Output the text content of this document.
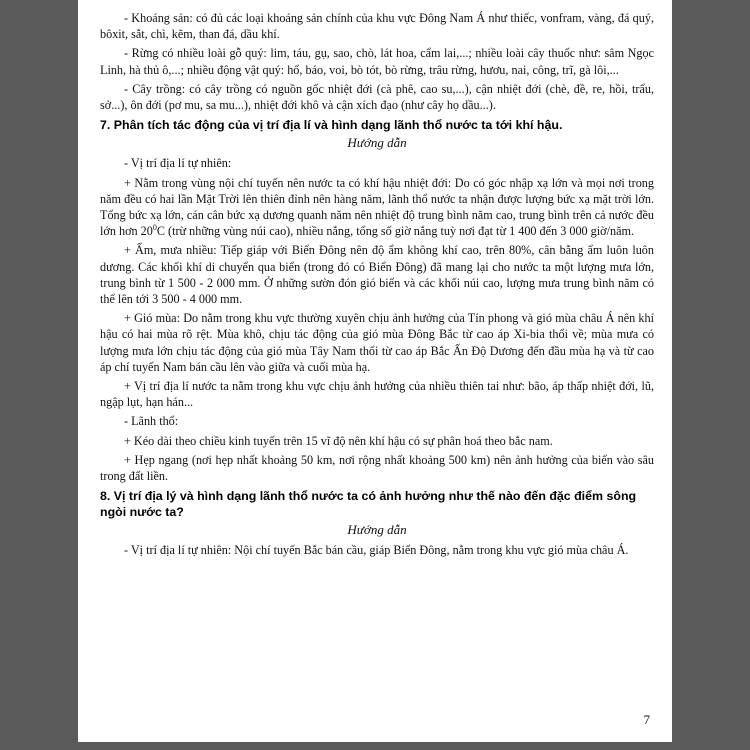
- Khoáng sản: có đủ các loại khoáng sản chính của khu vực Đông Nam Á như thiếc, vonfram, vàng, đá quý, bôxit, sắt, chì, kẽm, than đá, dầu khí.

- Rừng có nhiều loài gỗ quý: lim, táu, gụ, sao, chò, lát hoa, cẩm lai,...; nhiều loài cây thuốc như: sâm Ngọc Linh, hà thủ ô,...; nhiều động vật quý: hổ, báo, voi, bò tót, bò rừng, trâu rừng, hươu, nai, công, trĩ, gà lôi,...

- Cây trồng: có cây trồng có nguồn gốc nhiệt đới (cà phê, cao su,...), cận nhiệt đới (chè, đề, re, hồi, trẩu, sở...), ôn đới (pơ mu, sa mu...), nhiệt đới khô và cận xích đạo (như cây họ dầu...).

7. Phân tích tác động của vị trí địa lí và hình dạng lãnh thổ nước ta tới khí hậu.
Hướng dẫn

- Vị trí địa lí tự nhiên:

+ Nằm trong vùng nội chí tuyến nên nước ta có khí hậu nhiệt đới: Do có góc nhập xạ lớn và mọi nơi trong năm đều có hai lần Mặt Trời lên thiên đỉnh nên hàng năm, lãnh thổ nước ta nhận được lượng bức xạ mặt trời lớn. Tổng bức xạ lớn, cán cân bức xạ dương quanh năm nên nhiệt độ trung bình năm cao, trung bình trên cả nước đều lớn hơn $20^0C$ (trừ những vùng núi cao), nhiều nắng, tổng số giờ nắng tuỳ nơi đạt từ 1 400 đến 3 000 giờ/năm.

+ Ẩm, mưa nhiều: Tiếp giáp với Biển Đông nên độ ẩm không khí cao, trên 80%, cân bằng ẩm luôn luôn dương. Các khối khí di chuyển qua biển (trong đó có Biển Đông) đã mang lại cho nước ta một lượng mưa lớn, trung bình từ 1 500 - 2 000 mm. Ở những sườn đón gió biển và các khối núi cao, lượng mưa trung bình năm có thể lên tới 3 500 - 4 000 mm.

+ Gió mùa: Do nằm trong khu vực thường xuyên chịu ảnh hưởng của Tín phong và gió mùa châu Á nên khí hậu có hai mùa rõ rệt. Mùa khô, chịu tác động của gió mùa Đông Bắc từ cao áp Xi-bia thổi về; mùa mưa có lượng mưa lớn chịu tác động của gió mùa Tây Nam thổi từ cao áp Bắc Ấn Độ Dương đến đầu mùa hạ và từ cao áp chí tuyến Nam bán cầu lên vào giữa và cuối mùa hạ.

+ Vị trí địa lí nước ta nằm trong khu vực chịu ảnh hưởng của nhiều thiên tai như: bão, áp thấp nhiệt đới, lũ, ngập lụt, hạn hán...

- Lãnh thổ:

+ Kéo dài theo chiều kinh tuyến trên 15 vĩ độ nên khí hậu có sự phân hoá theo bắc nam.

+ Hẹp ngang (nơi hẹp nhất khoảng 50 km, nơi rộng nhất khoảng 500 km) nên ảnh hưởng của biển vào sâu trong đất liền.

8. Vị trí địa lý và hình dạng lãnh thổ nước ta có ảnh hưởng như thế nào đến đặc điểm sông ngòi nước ta?
Hướng dẫn

- Vị trí địa lí tự nhiên: Nội chí tuyến Bắc bán cầu, giáp Biển Đông, nằm trong khu vực gió mùa châu Á.

7
